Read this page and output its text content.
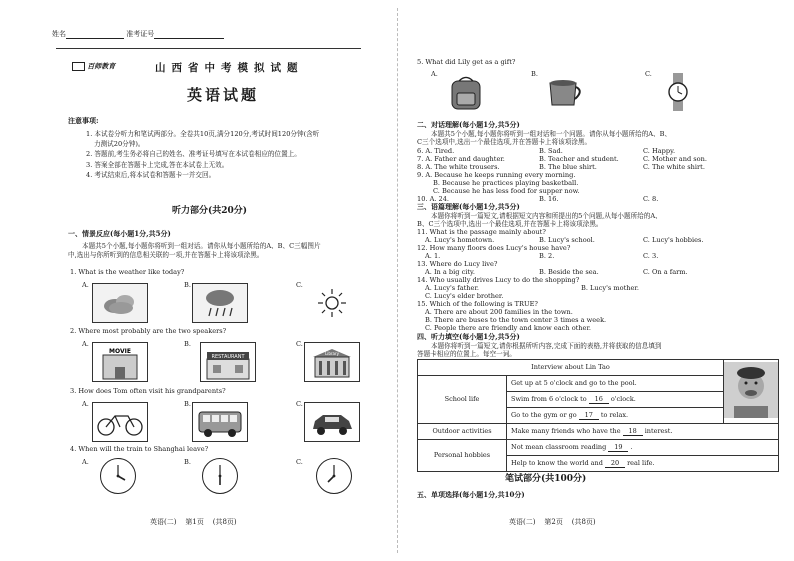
姓名	准考证号
百师教育	山西省中考模拟试题
英语试题
注意事项:
1. 本试卷分听力和笔试两部分。全卷共10页,满分120分,考试时间120分钟(含听
力测试20分钟)。
2. 答题前,考生务必将自己的姓名、准考证号填写在本试卷相应的位置上。
3. 答案全部在答题卡上完成,答在本试卷上无效。
4. 考试结束后,将本试卷和答题卡一并交回。
听力部分(共20分)
一、情景反应(每小题1分,共5分)
本题共5个小题,每小题你将听到一组对话。请你从每小题所给的A、B、C三幅图片
中,选出与你所听到的信息相关联的一项,并在答题卡上将该项涂黑。
1. What is the weather like today?
A.	B.	C.
2. Where most probably are the two speakers?
A.
MOVIE
B.
RESTAURANT
C.
Library
3. How does Tom often visit his grandparents?
A.	B.	C.
4. When will the train to Shanghai leave?
A.	B.	C.
英语(二) 第1页 (共8页)
5. What did Lily get as a gift?
A.	B.	C.
二、对话理解(每小题1分,共5分)
本题共5个小题,每小题你将听到一组对话和一个问题。请你从每小题所给的A、B、
C三个选项中,选出一个最佳选项,并在答题卡上将该项涂黑。
6. A. Tired.	B. Sad.	C. Happy.
7. A. Father and daughter.	B. Teacher and student.	C. Mother and son.
8. A. The white trousers.	B. The blue shirt.	C. The white shirt.
9. A. Because he keeps running every morning.
B. Because he practices playing basketball.
C. Because he has less food for supper now.
10. A. 24.	B. 16.	C. 8.
三、语篇理解(每小题1分,共5分)
本题你将听到一篇短文,请根据短文内容和所提出的5个问题,从每小题所给的A、
B、C三个选项中,选出一个最佳选项,并在答题卡上将该项涂黑。
11. What is the passage mainly about?
A. Lucy's hometown.	B. Lucy's school.	C. Lucy's hobbies.
12. How many floors does Lucy's house have?
A. 1.	B. 2.	C. 3.
13. Where do Lucy live?
A. In a big city.	B. Beside the sea.	C. On a farm.
14. Who usually drives Lucy to do the shopping?
A. Lucy's father.	B. Lucy's mother.
C. Lucy's elder brother.
15. Which of the following is TRUE?
A. There are about 200 families in the town.
B. There are buses to the town center 3 times a week.
C. People there are friendly and know each other.
四、听力填空(每小题1分,共5分)
本题你将听到一篇短文,请你根据所听内容,完成下面的表格,并将获取的信息填到
答题卡相应的位置上。每空一词。
Interview about Lin Tao	
School life	Get up at 5 o'clock and go to the pool.	
	Swim from 6 o'clock to 16 o'clock.	
	Go to the gym or go 17 to relax.	
Outdoor activities	Make many friends who have the 18 interest.	
Personal hobbies	Not mean classroom reading 19 .	
	Help to know the world and 20 real life.	
笔试部分(共100分)
五、单项选择(每小题1分,共10分)
英语(二) 第2页 (共8页)
